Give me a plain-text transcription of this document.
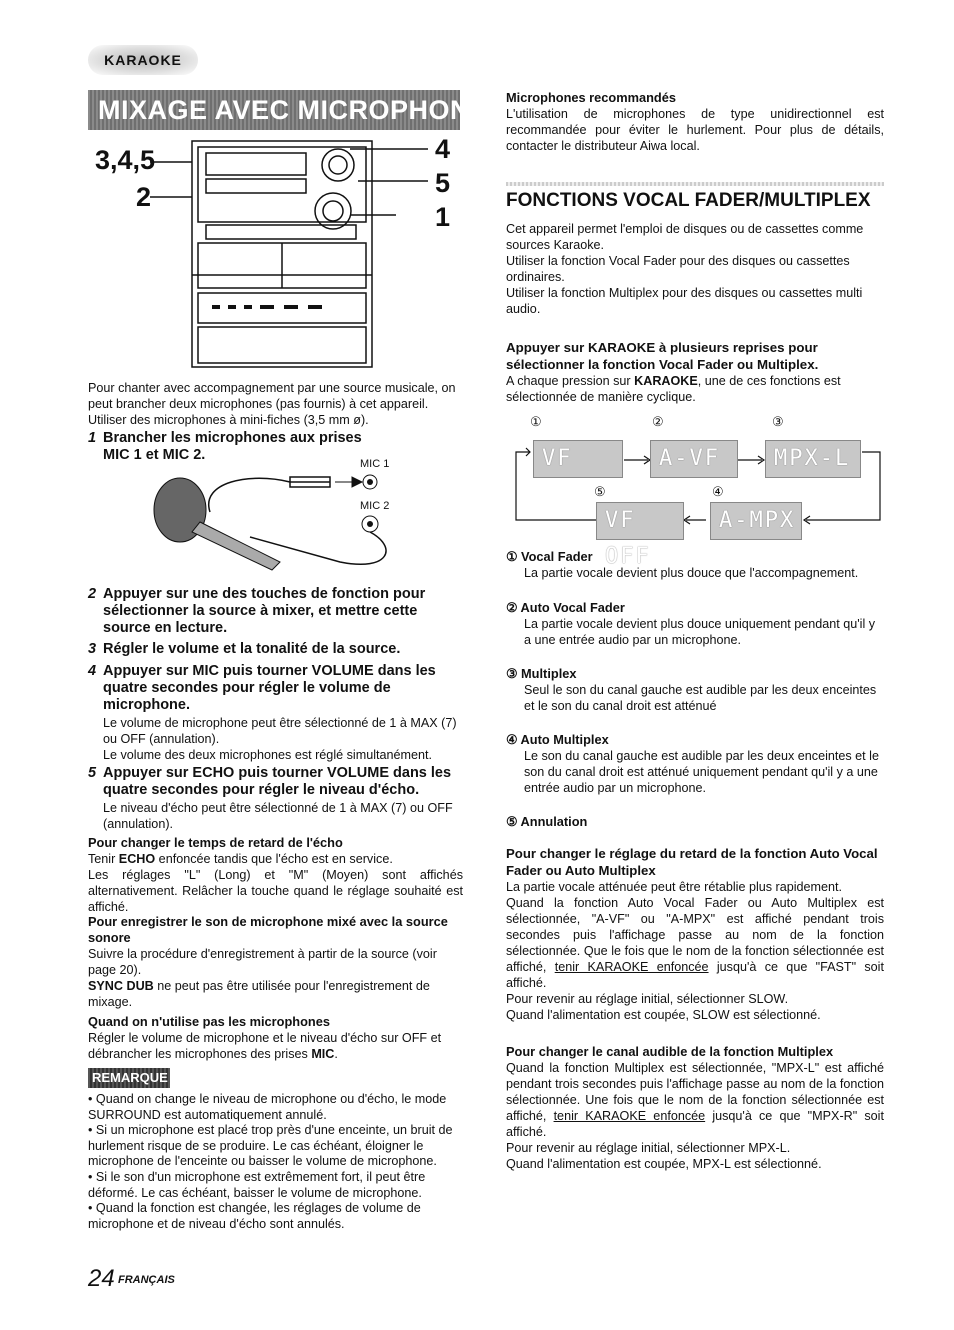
KARAOKE
MIXAGE AVEC MICROPHONE
3,4,5
2
4
5
1
Pour chanter avec accompagnement par une source musicale, on peut brancher deux microphones (pas fournis) à cet appareil. Utiliser des microphones à mini-fiches (3,5 mm ø).
1 Brancher les microphones aux prises MIC 1 et MIC 2.
MIC 1
MIC 2
2 Appuyer sur une des touches de fonction pour sélectionner la source à mixer, et mettre cette source en lecture.
3 Régler le volume et la tonalité de la source.
4 Appuyer sur MIC puis tourner VOLUME dans les quatre secondes pour régler le volume de microphone.
Le volume de microphone peut être sélectionné de 1 à MAX (7) ou OFF (annulation).
Le volume des deux microphones est réglé simultanément.
5 Appuyer sur ECHO puis tourner VOLUME dans les quatre secondes pour régler le niveau d'écho.
Le niveau d'écho peut être sélectionné de 1 à MAX (7) ou OFF (annulation).
Pour changer le temps de retard de l'écho
Tenir ECHO enfoncée tandis que l'écho est en service.
Les réglages "L" (Long) et "M" (Moyen) sont affichés alternativement. Relâcher la touche quand le réglage souhaité est affiché.
Pour enregistrer le son de microphone mixé avec la source sonore
Suivre la procédure d'enregistrement à partir de la source (voir page 20).
SYNC DUB ne peut pas être utilisée pour l'enregistrement de mixage.
Quand on n'utilise pas les microphones
Régler le volume de microphone et le niveau d'écho sur OFF et débrancher les microphones des prises MIC.
REMARQUE
• Quand on change le niveau de microphone ou d'écho, le mode SURROUND est automatiquement annulé.
• Si un microphone est placé trop près d'une enceinte, un bruit de hurlement risque de se produire. Le cas échéant, éloigner le microphone de l'enceinte ou baisser le volume de microphone.
• Si le son d'un microphone est extrêmement fort, il peut être déformé. Le cas échéant, baisser le volume de microphone.
• Quand la fonction est changée, les réglages de volume de microphone et de niveau d'écho sont annulés.
24 FRANÇAIS
Microphones recommandés
L'utilisation de microphones de type unidirectionnel est recommandée pour éviter le hurlement. Pour plus de détails, contacter le distributeur Aiwa local.
FONCTIONS VOCAL FADER/MULTIPLEX
Cet appareil permet l'emploi de disques ou de cassettes comme sources Karaoke.
Utiliser la fonction Vocal Fader pour des disques ou cassettes ordinaires.
Utiliser la fonction Multiplex pour des disques ou cassettes multi audio.
Appuyer sur KARAOKE à plusieurs reprises pour sélectionner la fonction Vocal Fader ou Multiplex.
A chaque pression sur KARAOKE, une de ces fonctions est sélectionnée de manière cyclique.
①	②	③
⑤	④
VF	A-VF	MPX-L
VF OFF
A-MPX
① Vocal Fader
La partie vocale devient plus douce que l'accompagnement.
② Auto Vocal Fader
La partie vocale devient plus douce uniquement pendant qu'il y a une entrée audio par un microphone.
③ Multiplex
Seul le son du canal gauche est audible par les deux enceintes et le son du canal droit est atténué
④ Auto Multiplex
Le son du canal gauche est audible par les deux enceintes et le son du canal droit est atténué uniquement pendant qu'il y a une entrée audio par un microphone.
⑤ Annulation
Pour changer le réglage du retard de la fonction Auto Vocal Fader ou Auto Multiplex
La partie vocale atténuée peut être rétablie plus rapidement.
Quand la fonction Auto Vocal Fader ou Auto Multiplex est sélectionnée, "A-VF" ou "A-MPX" est affiché pendant trois secondes puis l'affichage passe au nom de la fonction sélectionnée. Que le fois que le nom de la fonction sélectionnée est affiché, tenir KARAOKE enfoncée jusqu'à ce que "FAST" soit affiché.
Pour revenir au réglage initial, sélectionner SLOW.
Quand l'alimentation est coupée, SLOW est sélectionné.
Pour changer le canal audible de la fonction Multiplex
Quand la fonction Multiplex est sélectionnée, "MPX-L" est affiché pendant trois secondes puis l'affichage passe au nom de la fonction sélectionnée. Une fois que le nom de la fonction sélectionnée est affiché, tenir KARAOKE enfoncée jusqu'à ce que "MPX-R" soit affiché.
Pour revenir au réglage initial, sélectionner MPX-L.
Quand l'alimentation est coupée, MPX-L est sélectionné.
